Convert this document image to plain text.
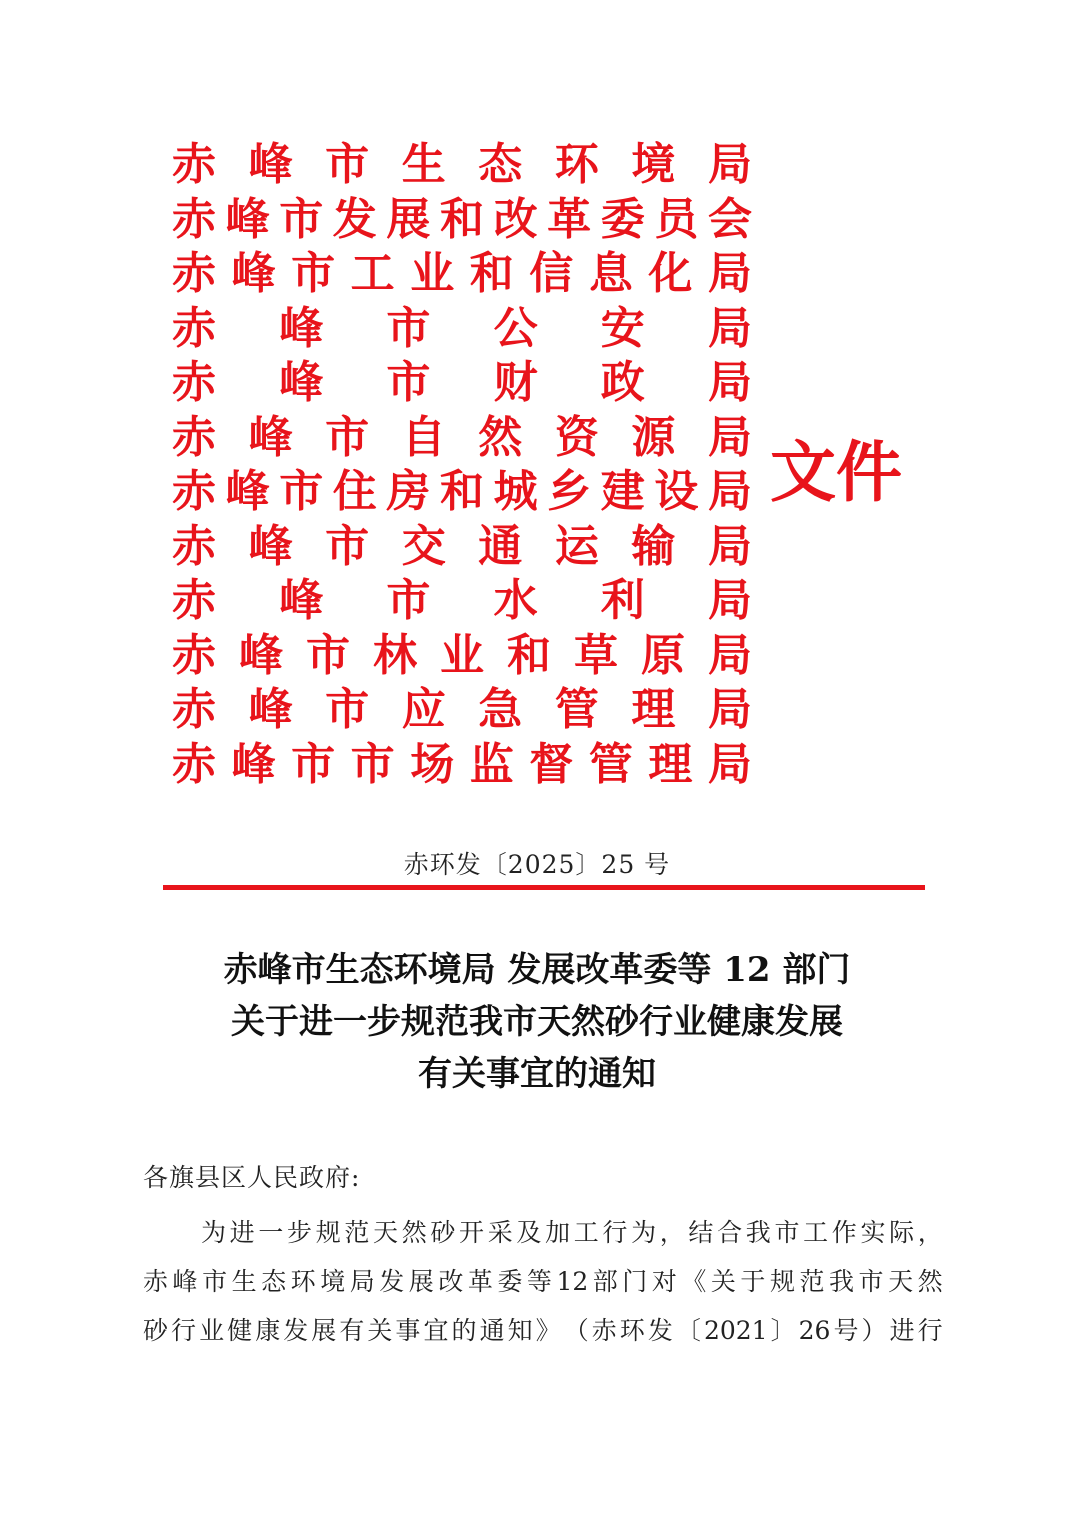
赤 峰 市 生 态 环 境 局
赤 峰 市 发 展 和 改 革 委 员 会
赤 峰 市 工 业 和 信 息 化 局
赤 峰 市 公 安 局
赤 峰 市 财 政 局
赤 峰 市 自 然 资 源 局
赤 峰 市 住 房 和 城 乡 建 设 局
赤 峰 市 交 通 运 输 局
赤 峰 市 水 利 局
赤 峰 市 林 业 和 草 原 局
赤 峰 市 应 急 管 理 局
赤 峰 市 市 场 监 督 管 理 局
文件
赤环发〔2025〕25 号
赤峰市生态环境局 发展改革委等 12 部门
关于进一步规范我市天然砂行业健康发展
有关事宜的通知
各旗县区人民政府:
为 进 一 步 规 范 天 然 砂 开 采 及 加 工 行 为 ， 结 合 我 市 工 作 实 际 ，
赤 峰 市 生 态 环 境 局 发 展 改 革 委 等 12 部 门 对 《 关 于 规 范 我 市 天 然
砂 行 业 健 康 发 展 有 关 事 宜 的 通 知 》 （ 赤 环 发 〔 2021 〕 26 号 ） 进 行
